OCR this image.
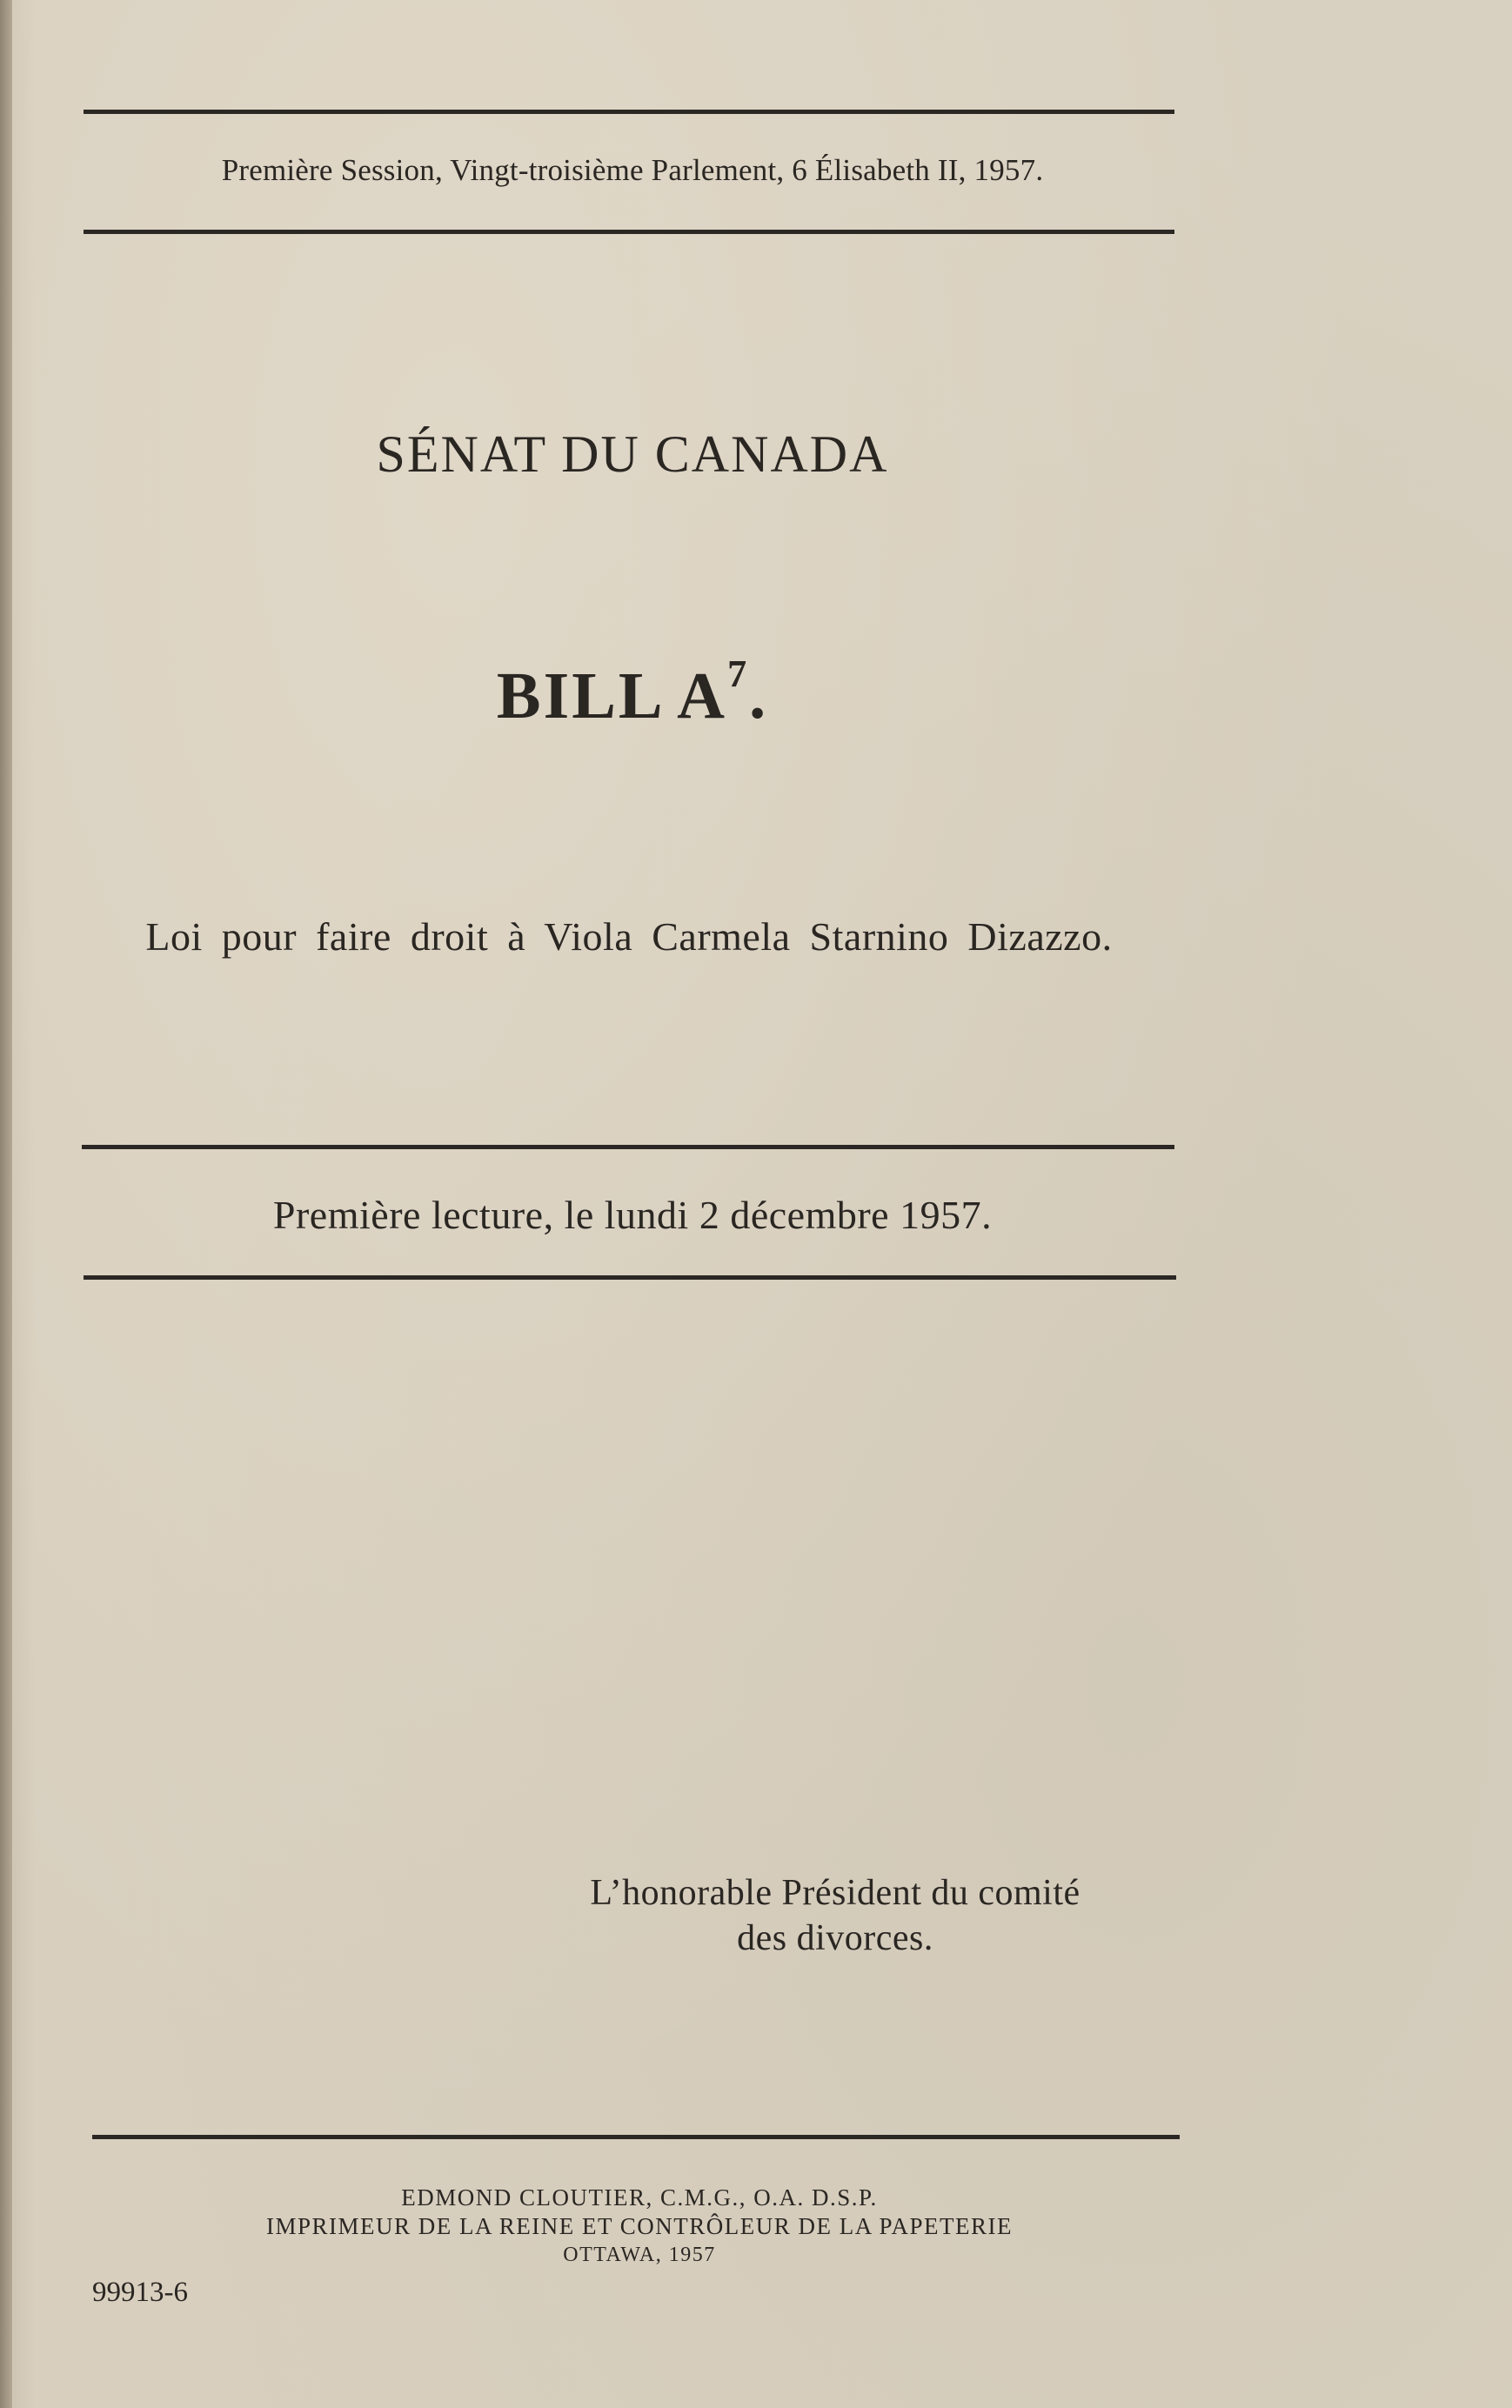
Première Session, Vingt-troisième Parlement, 6 Élisabeth II, 1957.
SÉNAT DU CANADA
BILL $A^7$.
Loi pour faire droit à Viola Carmela Starnino Dizazzo.
Première lecture, le lundi 2 décembre 1957.
L’honorable Président du comité
des divorces.
EDMOND CLOUTIER, C.M.G., O.A. D.S.P.
IMPRIMEUR DE LA REINE ET CONTRÔLEUR DE LA PAPETERIE
OTTAWA, 1957
99913-6
